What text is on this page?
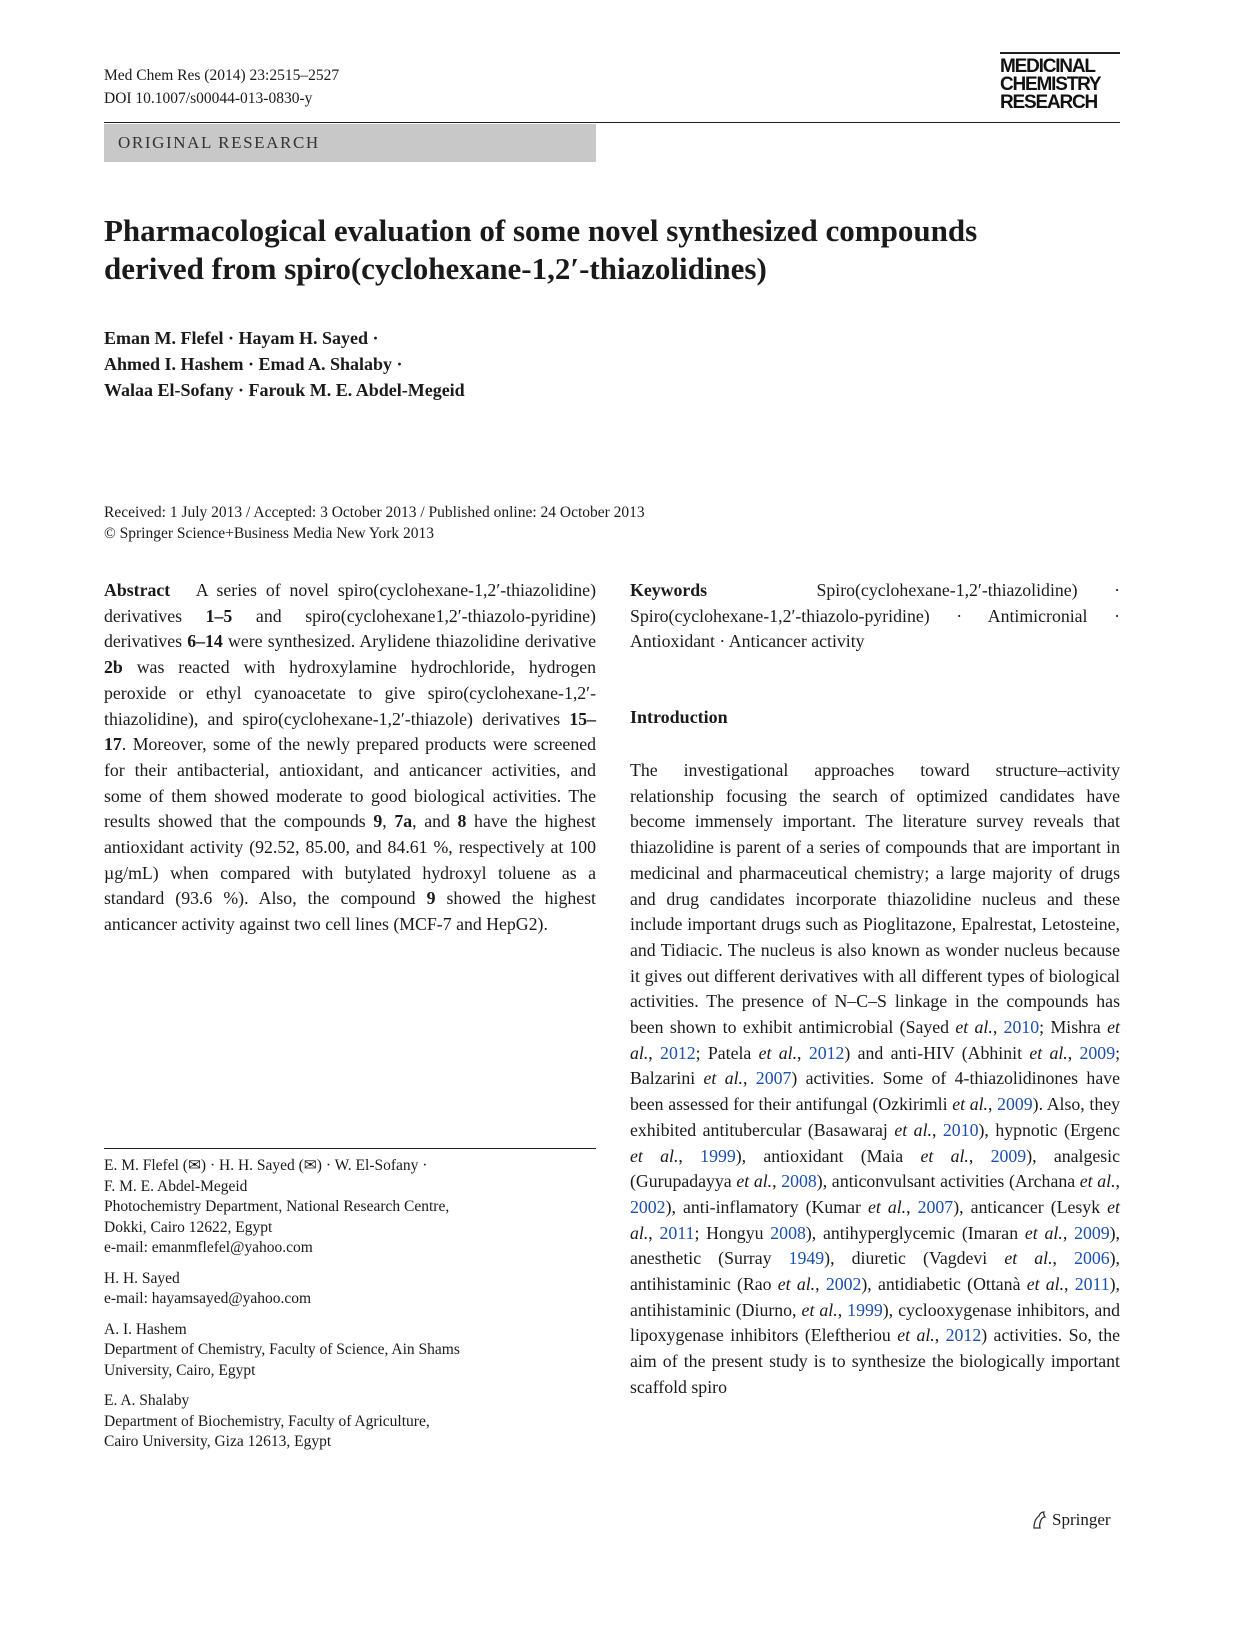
Med Chem Res (2014) 23:2515–2527
DOI 10.1007/s00044-013-0830-y
MEDICINAL
CHEMISTRY
RESEARCH
ORIGINAL RESEARCH
Pharmacological evaluation of some novel synthesized compounds
derived from spiro(cyclohexane-1,2′-thiazolidines)
Eman M. Flefel · Hayam H. Sayed ·
Ahmed I. Hashem · Emad A. Shalaby ·
Walaa El-Sofany · Farouk M. E. Abdel-Megeid
Received: 1 July 2013 / Accepted: 3 October 2013 / Published online: 24 October 2013
© Springer Science+Business Media New York 2013
Abstract A series of novel spiro(cyclohexane-1,2′-thiazolidine) derivatives 1–5 and spiro(cyclohexane1,2′-thiazolo-pyridine) derivatives 6–14 were synthesized. Arylidene thiazolidine derivative 2b was reacted with hydroxylamine hydrochloride, hydrogen peroxide or ethyl cyanoacetate to give spiro(cyclohexane-1,2′-thiazolidine), and spiro(cyclohexane-1,2′-thiazole) derivatives 15–17. Moreover, some of the newly prepared products were screened for their antibacterial, antioxidant, and anticancer activities, and some of them showed moderate to good biological activities. The results showed that the compounds 9, 7a, and 8 have the highest antioxidant activity (92.52, 85.00, and 84.61 %, respectively at 100 µg/mL) when compared with butylated hydroxyl toluene as a standard (93.6 %). Also, the compound 9 showed the highest anticancer activity against two cell lines (MCF-7 and HepG2).
Keywords	Spiro(cyclohexane-1,2′-thiazolidine) · Spiro(cyclohexane-1,2′-thiazolo-pyridine) · Antimicronial · Antioxidant · Anticancer activity
Introduction
The investigational approaches toward structure–activity relationship focusing the search of optimized candidates have become immensely important. The literature survey reveals that thiazolidine is parent of a series of compounds that are important in medicinal and pharmaceutical chemistry; a large majority of drugs and drug candidates incorporate thiazolidine nucleus and these include important drugs such as Pioglitazone, Epalrestat, Letosteine, and Tidiacic. The nucleus is also known as wonder nucleus because it gives out different derivatives with all different types of biological activities. The presence of N–C–S linkage in the compounds has been shown to exhibit antimicrobial (Sayed et al., 2010; Mishra et al., 2012; Patela et al., 2012) and anti-HIV (Abhinit et al., 2009; Balzarini et al., 2007) activities. Some of 4-thiazolidinones have been assessed for their antifungal (Ozkirimli et al., 2009). Also, they exhibited antitubercular (Basawaraj et al., 2010), hypnotic (Ergenc et al., 1999), antioxidant (Maia et al., 2009), analgesic (Gurupadayya et al., 2008), anticonvulsant activities (Archana et al., 2002), anti-inflamatory (Kumar et al., 2007), anticancer (Lesyk et al., 2011; Hongyu 2008), antihyperglycemic (Imaran et al., 2009), anesthetic (Surray 1949), diuretic (Vagdevi et al., 2006), antihistaminic (Rao et al., 2002), antidiabetic (Ottanà et al., 2011), antihistaminic (Diurno, et al., 1999), cyclooxygenase inhibitors, and lipoxygenase inhibitors (Eleftheriou et al., 2012) activities. So, the aim of the present study is to synthesize the biologically important scaffold spiro

E. M. Flefel (✉) · H. H. Sayed (✉) · W. El-Sofany ·
F. M. E. Abdel-Megeid
Photochemistry Department, National Research Centre,
Dokki, Cairo 12622, Egypt
e-mail: emanmflefel@yahoo.com

H. H. Sayed
e-mail: hayamsayed@yahoo.com

A. I. Hashem
Department of Chemistry, Faculty of Science, Ain Shams
University, Cairo, Egypt

E. A. Shalaby
Department of Biochemistry, Faculty of Agriculture,
Cairo University, Giza 12613, Egypt

Springer
